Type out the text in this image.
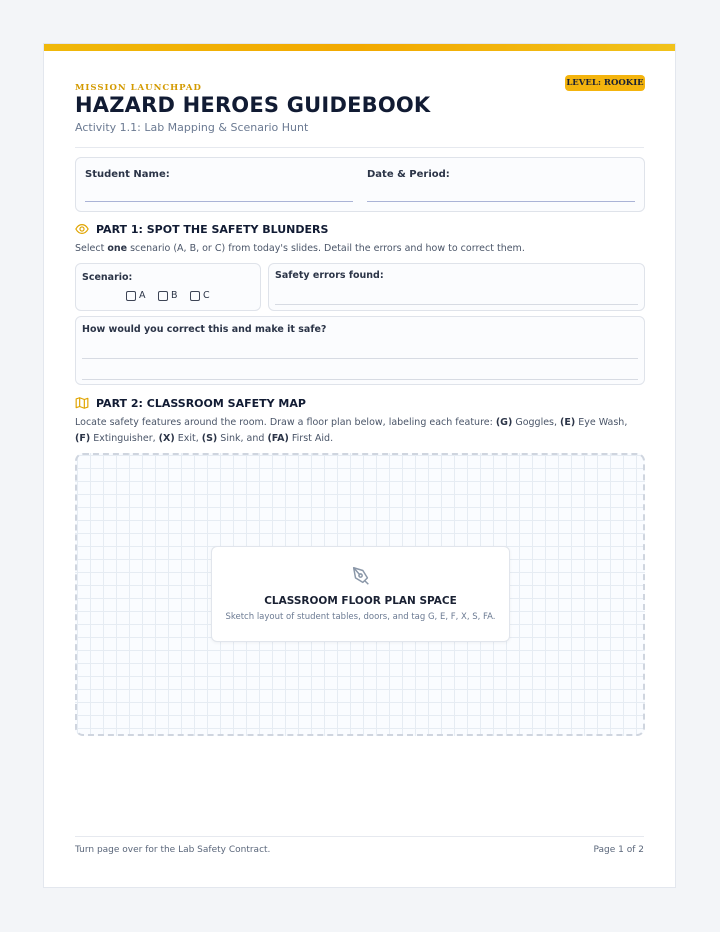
MISSION LAUNCHPAD	LEVEL: ROOKIE
HAZARD HEROES GUIDEBOOK
Activity 1.1: Lab Mapping & Scenario Hunt
Student Name:	Date & Period:
PART 1: SPOT THE SAFETY BLUNDERS
Select one scenario (A, B, or C) from today's slides. Detail the errors and how to correct them.
Scenario:
A	B	C
Safety errors found:
How would you correct this and make it safe?
PART 2: CLASSROOM SAFETY MAP
Locate safety features around the room. Draw a floor plan below, labeling each feature: (G) Goggles, (E) Eye Wash, (F) Extinguisher, (X) Exit, (S) Sink, and (FA) First Aid.
CLASSROOM FLOOR PLAN SPACE
Sketch layout of student tables, doors, and tag G, E, F, X, S, FA.
Turn page over for the Lab Safety Contract.	Page 1 of 2
